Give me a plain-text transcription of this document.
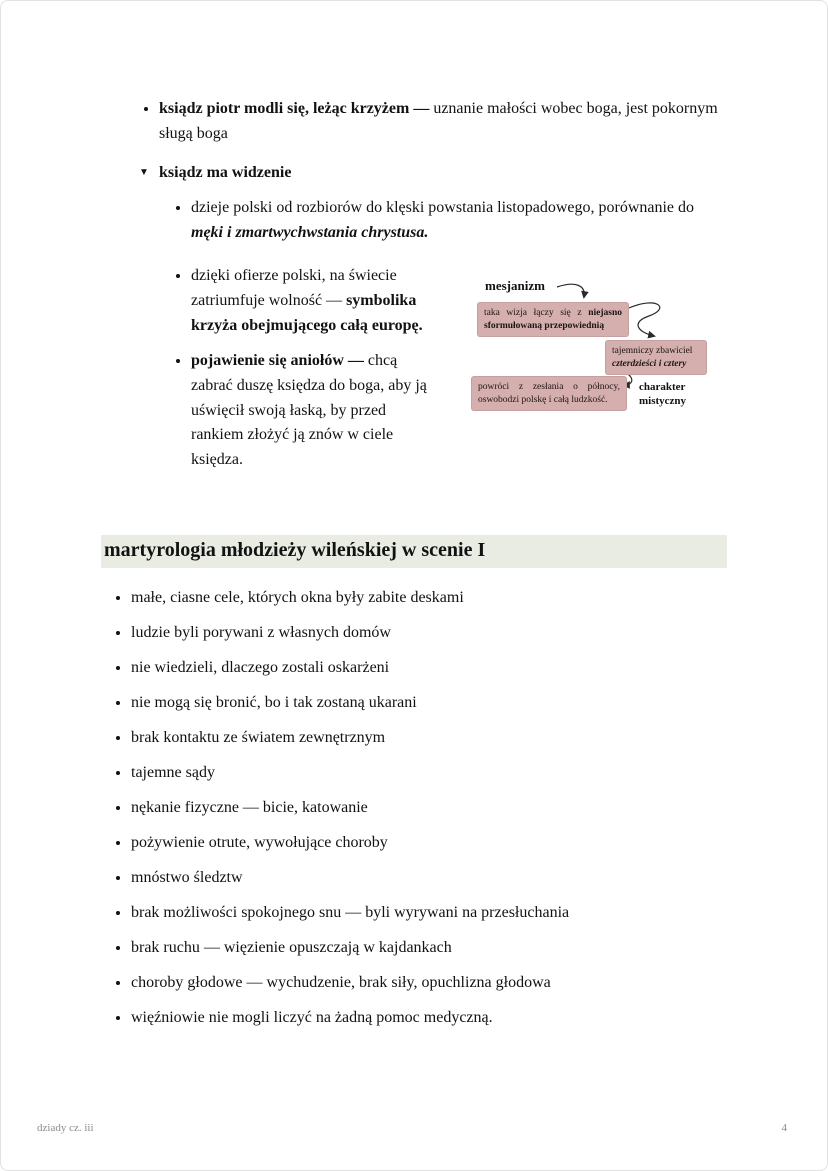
• ksiądz piotr modli się, leżąc krzyżem — uznanie małości wobec boga, jest pokornym sługą boga
▼ ksiądz ma widzenie
• dzieje polski od rozbiorów do klęski powstania listopadowego, porównanie do męki i zmartwychwstania chrystusa.
• dzięki ofierze polski, na świecie zatriumfuje wolność — symbolika krzyża obejmującego całą europę.
• pojawienie się aniołów — chcą zabrać duszę księdza do boga, aby ją uświęcił swoją łaską, by przed rankiem złożyć ją znów w ciele księdza.
mesjanizm
taka wizja łączy się z niejasno sformułowaną przepowiednią
tajemniczy zbawiciel czterdzieści i cztery
powróci z zesłania o północy, oswobodzi polskę i całą ludzkość.
charakter mistyczny
martyrologia młodzieży wileńskiej w scenie I
• małe, ciasne cele, których okna były zabite deskami
• ludzie byli porywani z własnych domów
• nie wiedzieli, dlaczego zostali oskarżeni
• nie mogą się bronić, bo i tak zostaną ukarani
• brak kontaktu ze światem zewnętrznym
• tajemne sądy
• nękanie fizyczne — bicie, katowanie
• pożywienie otrute, wywołujące choroby
• mnóstwo śledztw
• brak możliwości spokojnego snu — byli wyrywani na przesłuchania
• brak ruchu — więzienie opuszczają w kajdankach
• choroby głodowe — wychudzenie, brak siły, opuchlizna głodowa
• więźniowie nie mogli liczyć na żadną pomoc medyczną.
dziady cz. iii	4
